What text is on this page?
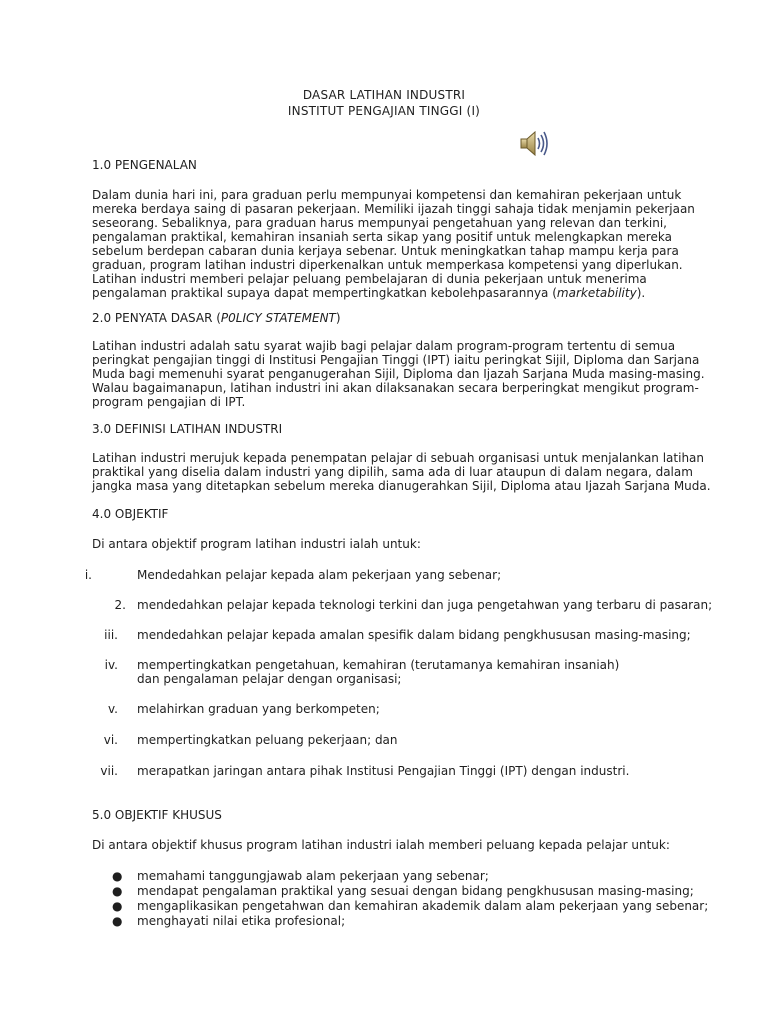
DASAR LATIHAN INDUSTRI
INSTITUT PENGAJIAN TINGGI (I)
1.0 PENGENALAN

Dalam dunia hari ini, para graduan perlu mempunyai kompetensi dan kemahiran pekerjaan untuk mereka berdaya saing di pasaran pekerjaan. Memiliki ijazah tinggi sahaja tidak menjamin pekerjaan seseorang. Sebaliknya, para graduan harus mempunyai pengetahuan yang relevan dan terkini, pengalaman praktikal, kemahiran insaniah serta sikap yang positif untuk melengkapkan mereka sebelum berdepan cabaran dunia kerjaya sebenar. Untuk meningkatkan tahap mampu kerja para graduan, program latihan industri diperkenalkan untuk memperkasa kompetensi yang diperlukan. Latihan industri memberi pelajar peluang pembelajaran di dunia pekerjaan untuk menerima pengalaman praktikal supaya dapat mempertingkatkan kebolehpasarannya (marketability).

2.0 PENYATA DASAR (P0LICY STATEMENT)

Latihan industri adalah satu syarat wajib bagi pelajar dalam program-program tertentu di semua peringkat pengajian tinggi di Institusi Pengajian Tinggi (IPT) iaitu peringkat Sijil, Diploma dan Sarjana Muda bagi memenuhi syarat penganugerahan Sijil, Diploma dan Ijazah Sarjana Muda masing-masing. Walau bagaimanapun, latihan industri ini akan dilaksanakan secara berperingkat mengikut program-program pengajian di IPT.

3.0 DEFINISI LATIHAN INDUSTRI

Latihan industri merujuk kepada penempatan pelajar di sebuah organisasi untuk menjalankan latihan praktikal yang diselia dalam industri yang dipilih, sama ada di luar ataupun di dalam negara, dalam jangka masa yang ditetapkan sebelum mereka dianugerahkan Sijil, Diploma atau Ijazah Sarjana Muda.

4.0 OBJEKTIF
Di antara objektif program latihan industri ialah untuk:
i.	Mendedahkan pelajar kepada alam pekerjaan yang sebenar;
2. mendedahkan pelajar kepada teknologi terkini dan juga pengetahwan yang terbaru di pasaran;
iii. mendedahkan pelajar kepada amalan spesifik dalam bidang pengkhususan masing-masing;
iv. mempertingkatkan pengetahuan, kemahiran (terutamanya kemahiran insaniah) dan pengalaman pelajar dengan organisasi;
v. melahirkan graduan yang berkompeten;
vi. mempertingkatkan peluang pekerjaan; dan
vii. merapatkan jaringan antara pihak Institusi Pengajian Tinggi (IPT) dengan industri.
5.0 OBJEKTIF KHUSUS
Di antara objektif khusus program latihan industri ialah memberi peluang kepada pelajar untuk:
● memahami tanggungjawab alam pekerjaan yang sebenar;
● mendapat pengalaman praktikal yang sesuai dengan bidang pengkhususan masing-masing;
● mengaplikasikan pengetahwan dan kemahiran akademik dalam alam pekerjaan yang sebenar;
● menghayati nilai etika profesional;
